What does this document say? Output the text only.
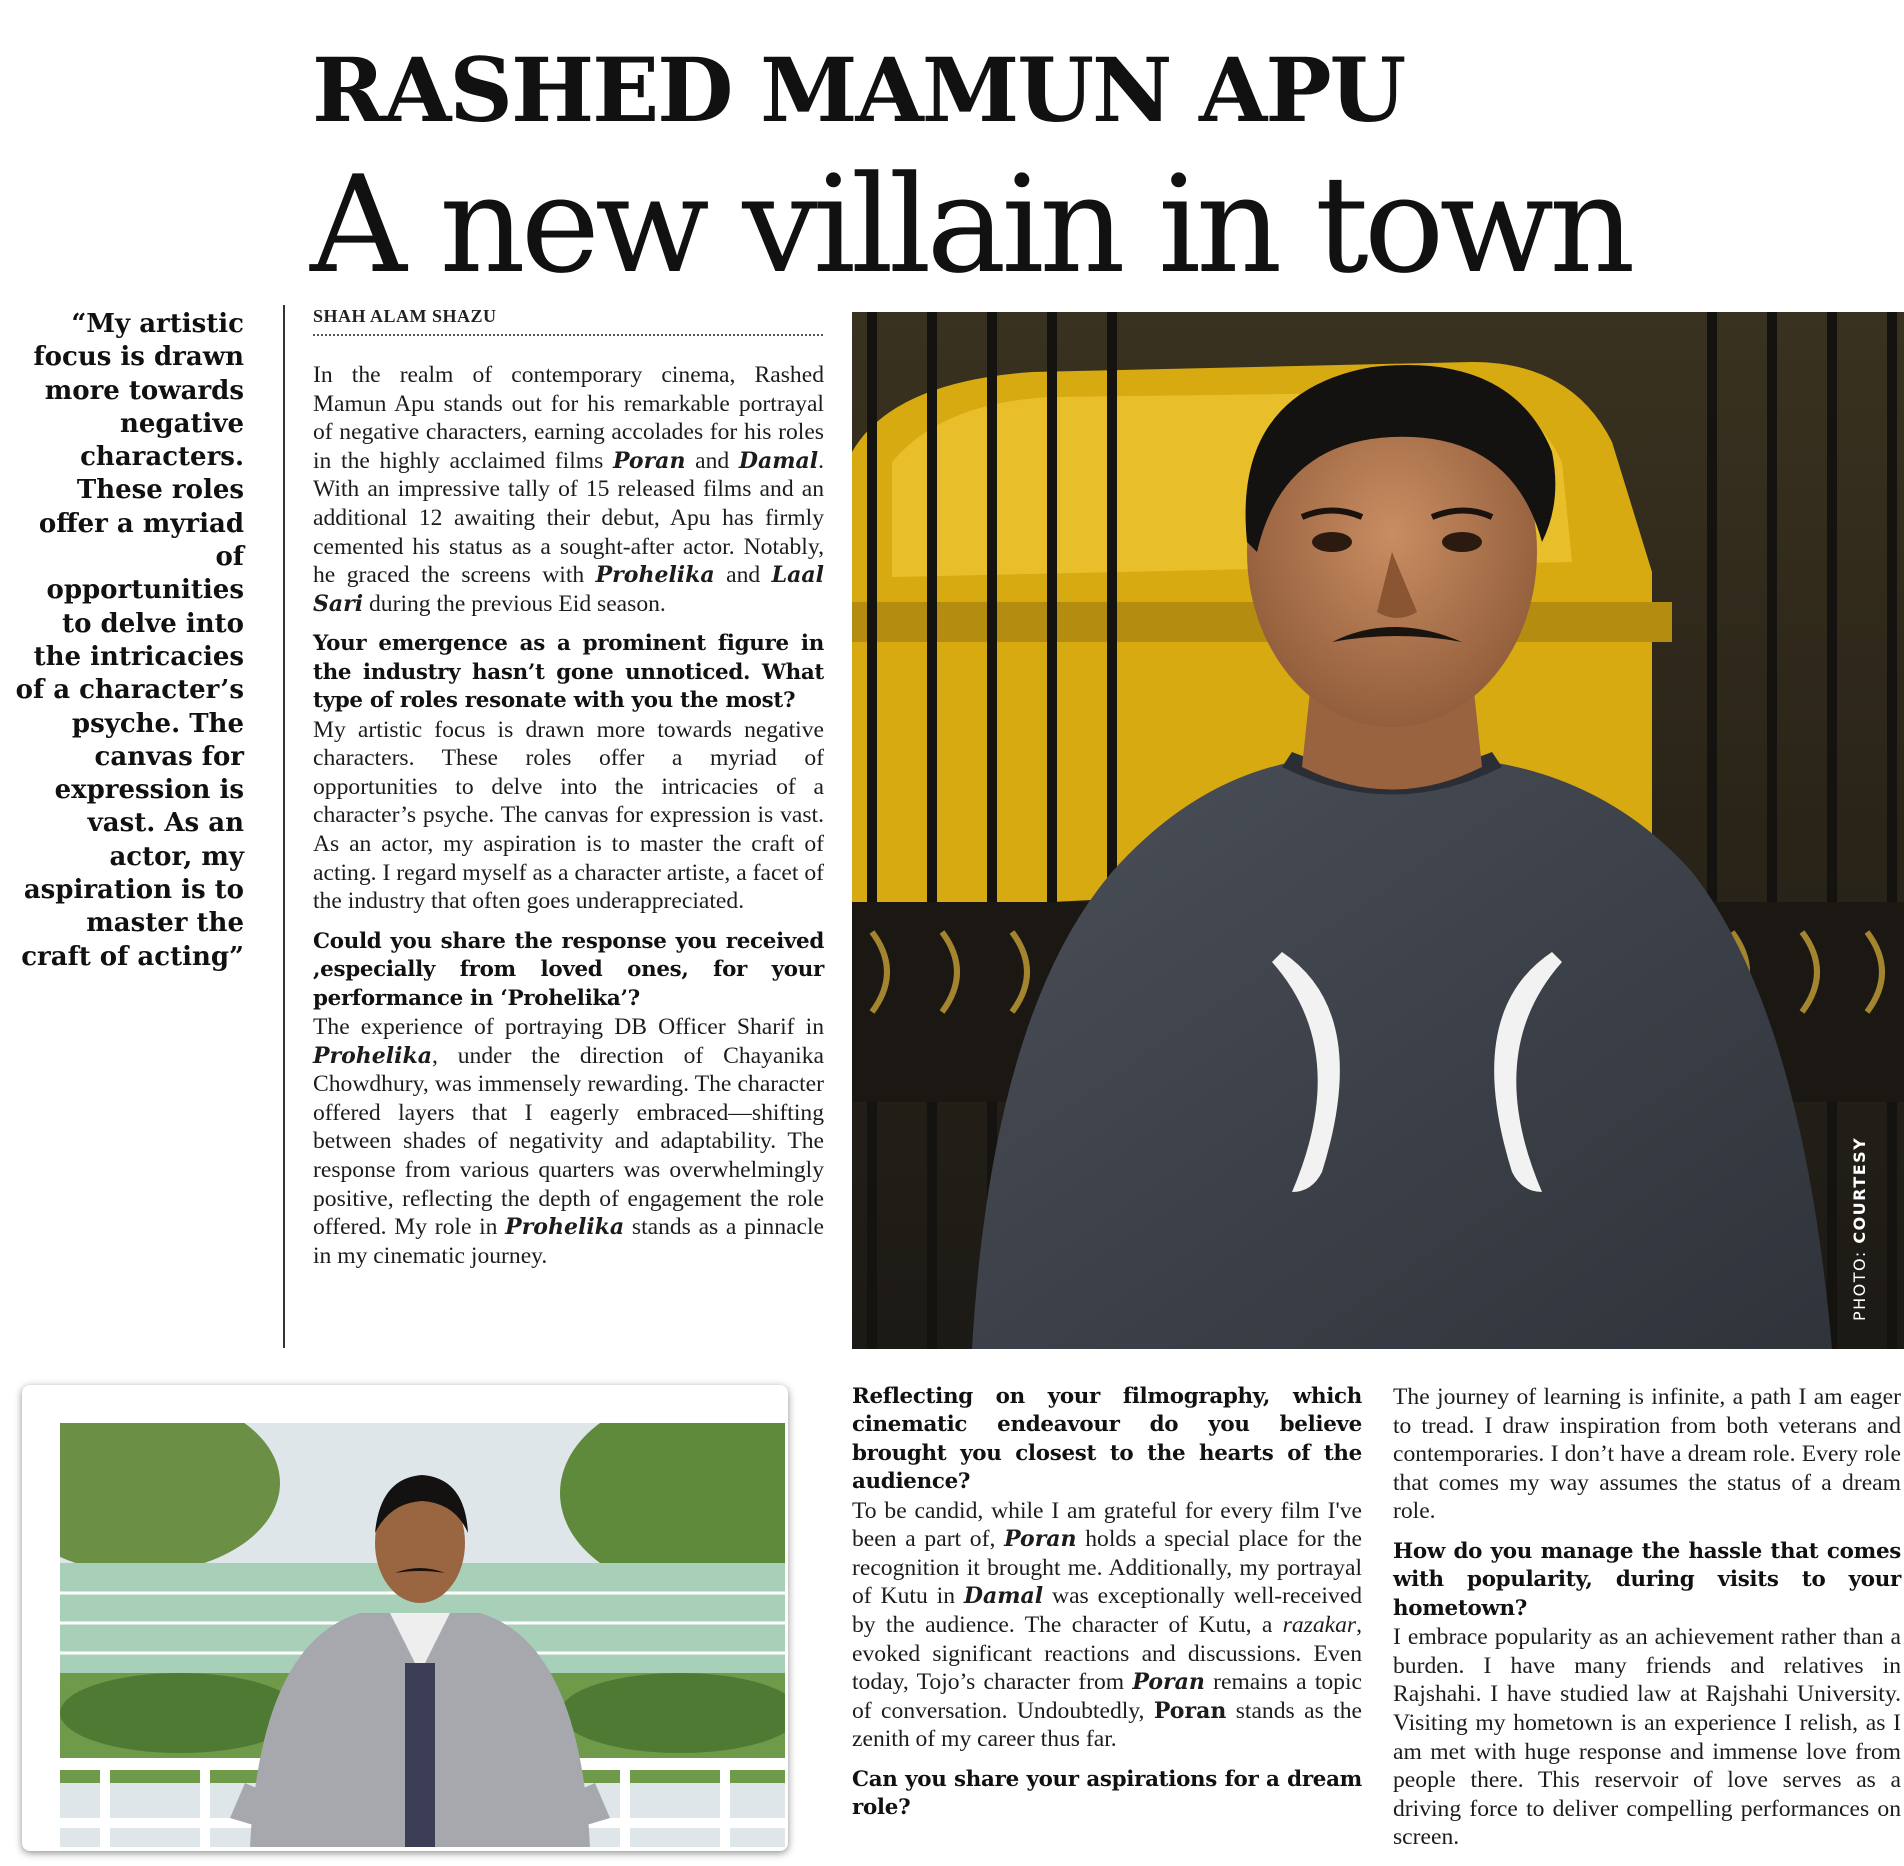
RASHED MAMUN APU
A new villain in town
“My artistic focus is drawn more towards negative characters. These roles offer a myriad of opportunities to delve into the intricacies of a character’s psyche. The canvas for expression is vast. As an actor, my aspiration is to master the craft of acting”
SHAH ALAM SHAZU

In the realm of contemporary cinema, Rashed Mamun Apu stands out for his remarkable portrayal of negative characters, earning accolades for his roles in the highly acclaimed films Poran and Damal. With an impressive tally of 15 released films and an additional 12 awaiting their debut, Apu has firmly cemented his status as a sought-after actor. Notably, he graced the screens with Prohelika and Laal Sari during the previous Eid season.

Your emergence as a prominent figure in the industry hasn’t gone unnoticed. What type of roles resonate with you the most?

My artistic focus is drawn more towards negative characters. These roles offer a myriad of opportunities to delve into the intricacies of a character’s psyche. The canvas for expression is vast. As an actor, my aspiration is to master the craft of acting. I regard myself as a character artiste, a facet of the industry that often goes underappreciated.

Could you share the response you received ,especially from loved ones, for your performance in ‘Prohelika’?

The experience of portraying DB Officer Sharif in Prohelika, under the direction of Chayanika Chowdhury, was immensely rewarding. The character offered layers that I eagerly embraced—shifting between shades of negativity and adaptability. The response from various quarters was overwhelmingly positive, reflecting the depth of engagement the role offered. My role in Prohelika stands as a pinnacle in my cinematic journey.	PHOTO: COURTESY

Reflecting on your filmography, which cinematic endeavour do you believe brought you closest to the hearts of the audience?

To be candid, while I am grateful for every film I've been a part of, Poran holds a special place for the recognition it brought me. Additionally, my portrayal of Kutu in Damal was exceptionally well-received by the audience. The character of Kutu, a razakar, evoked significant reactions and discussions. Even today, Tojo’s character from Poran remains a topic of conversation. Undoubtedly, Poran stands as the zenith of my career thus far.

Can you share your aspirations for a dream role?

The journey of learning is infinite, a path I am eager to tread. I draw inspiration from both veterans and contemporaries. I don’t have a dream role. Every role that comes my way assumes the status of a dream role.

How do you manage the hassle that comes with popularity, during visits to your hometown?

I embrace popularity as an achievement rather than a burden. I have many friends and relatives in Rajshahi. I have studied law at Rajshahi University. Visiting my hometown is an experience I relish, as I am met with huge response and immense love from people there. This reservoir of love serves as a driving force to deliver compelling performances on screen.
